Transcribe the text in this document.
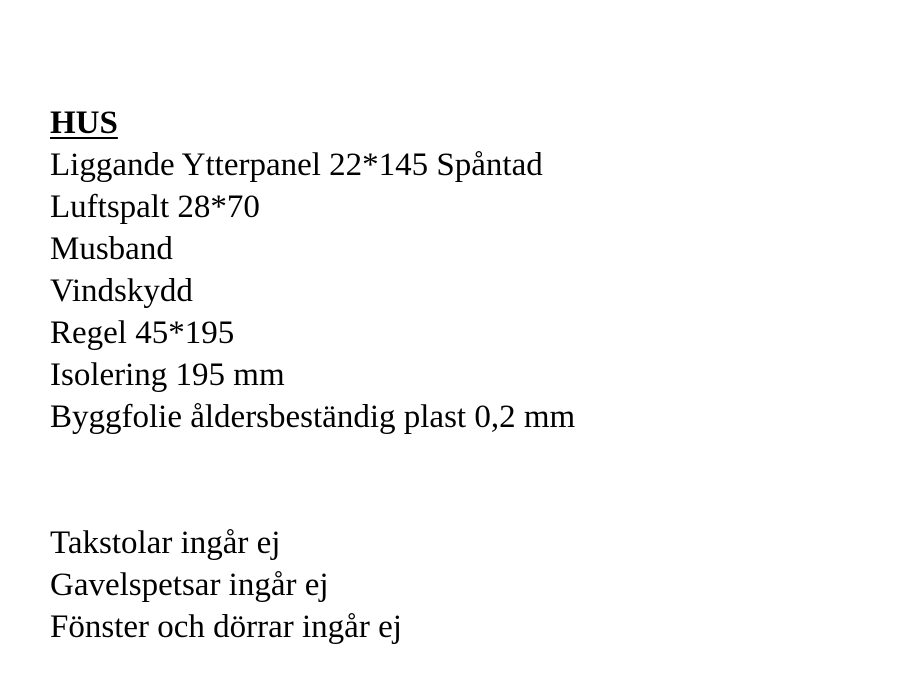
HUS
Liggande Ytterpanel 22*145 Spåntad
Luftspalt 28*70
Musband
Vindskydd
Regel 45*195
Isolering 195 mm
Byggfolie åldersbeständig plast 0,2 mm
Takstolar ingår ej
Gavelspetsar ingår ej
Fönster och dörrar ingår ej
